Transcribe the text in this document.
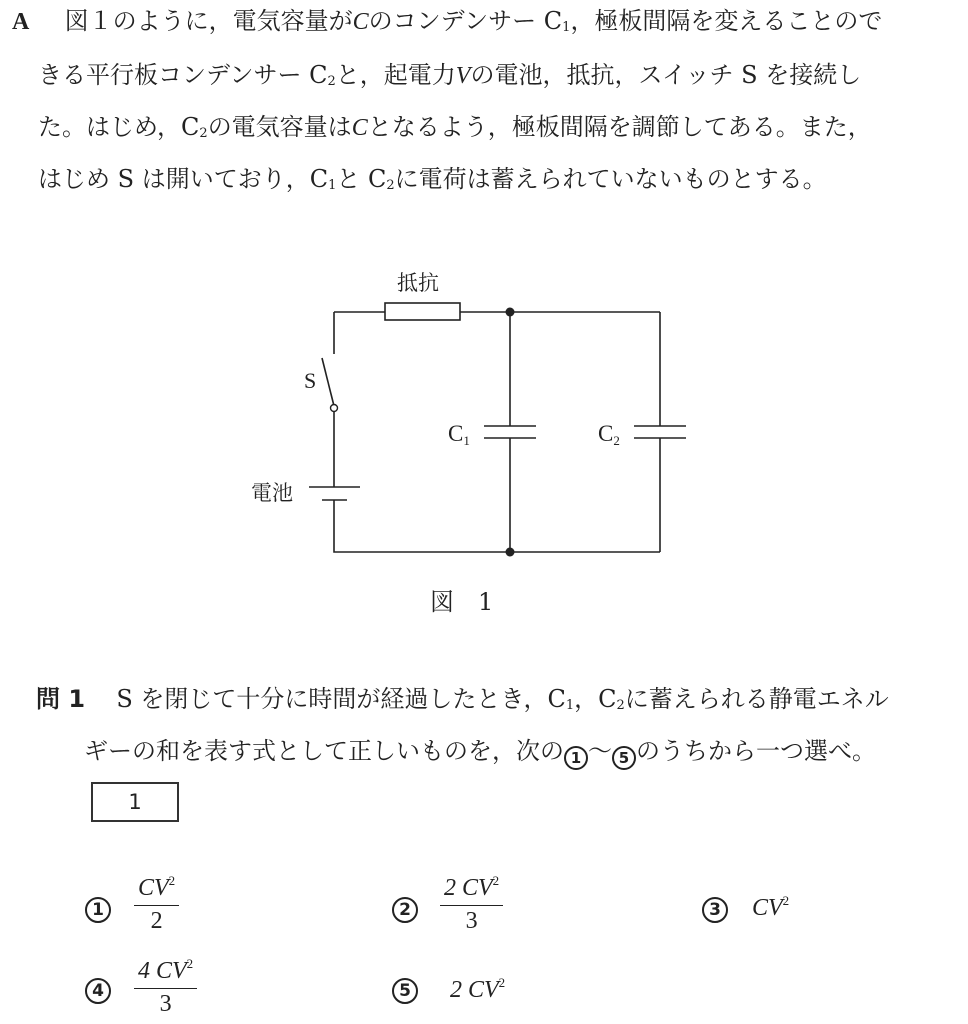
A 図１のように，電気容量がCのコンデンサー $C_1$，極板間隔を変えることので
きる平行板コンデンサー $C_2$と，起電力Vの電池，抵抗，スイッチ S を接続し
た。はじめ，$C_2$の電気容量はCとなるよう，極板間隔を調節してある。また，
はじめ S は開いており，$C_1$と $C_2$に電荷は蓄えられていないものとする。
抵抗
S
電池
C1	C2
図　1
問 1 S を閉じて十分に時間が経過したとき，$C_1$，$C_2$に蓄えられる静電エネル
ギーの和を表す式として正しいものを，次の 1 ～ 5 のうちから一つ選べ。
1
$1 \frac{CV^2}{2}$	$2 \frac{2 CV^2}{3}$	3 $CV^2$
$4 \frac{4 CV^2}{3}$	5 2 $CV^2$
